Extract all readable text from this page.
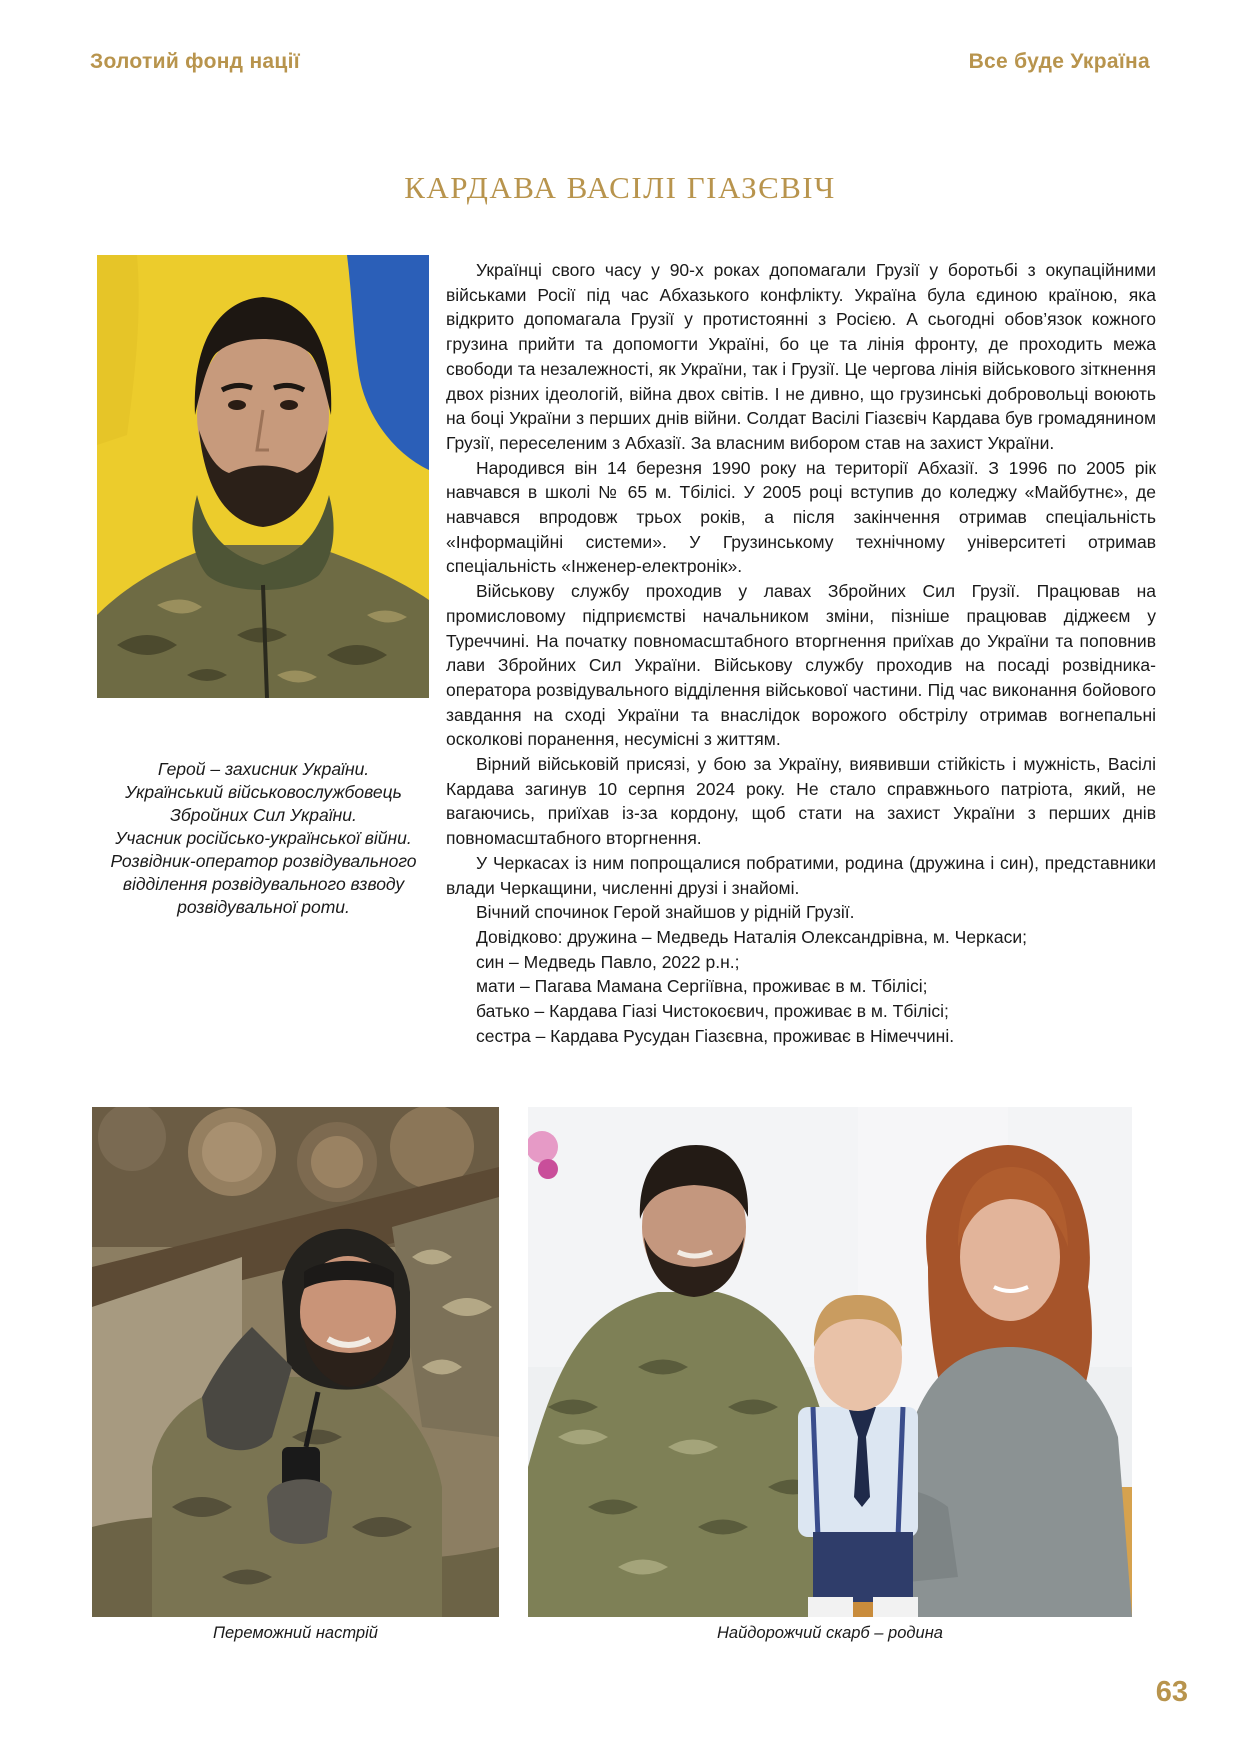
Золотий фонд нації	Все буде Україна
КАРДАВА ВАСІЛІ ГІАЗЄВІЧ
Герой – захисник України.
Український військовослужбовець
Збройних Сил України.
Учасник російсько-української війни.
Розвідник-оператор розвідувального
відділення розвідувального взводу
розвідувальної роти.

Українці свого часу у 90-х роках допомагали Грузії у боротьбі з окупаційними військами Росії під час Абхазького конфлікту. Україна була єдиною країною, яка відкрито допомагала Грузії у протистоянні з Росією. А сьогодні обов’язок кожного грузина прийти та допомогти Україні, бо це та лінія фронту, де проходить межа свободи та незалежності, як України, так і Грузії. Це чергова лінія військового зіткнення двох різних ідеологій, війна двох світів. І не дивно, що грузинські добровольці воюють на боці України з перших днів війни. Солдат Васілі Гіазєвіч Кардава був громадянином Грузії, переселеним з Абхазії. За власним вибором став на захист України.

Народився він 14 березня 1990 року на території Абхазії. З 1996 по 2005 рік навчався в школі № 65 м. Тбілісі. У 2005 році вступив до коледжу «Майбутнє», де навчався впродовж трьох років, а після закінчення отримав спеціальність «Інформаційні системи». У Грузинському технічному університеті отримав спеціальність «Інженер-електронік».

Військову службу проходив у лавах Збройних Сил Грузії. Працював на промисловому підприємстві начальником зміни, пізніше працював діджеєм у Туреччині. На початку повномасштабного вторгнення приїхав до України та поповнив лави Збройних Сил України. Військову службу проходив на посаді розвідника-оператора розвідувального відділення військової частини. Під час виконання бойового завдання на сході України та внаслідок ворожого обстрілу отримав вогнепальні осколкові поранення, несумісні з життям.

Вірний військовій присязі, у бою за Україну, виявивши стійкість і мужність, Васілі Кардава загинув 10 серпня 2024 року. Не стало справжнього патріота, який, не вагаючись, приїхав із-за кордону, щоб стати на захист України з перших днів повномасштабного вторгнення.

У Черкасах із ним попрощалися побратими, родина (дружина і син), представники влади Черкащини, численні друзі і знайомі.

Вічний спочинок Герой знайшов у рідній Грузії.
Довідково: дружина – Медведь Наталія Олександрівна, м. Черкаси;
син – Медведь Павло, 2022 р.н.;
мати – Пагава Мамана Сергіївна, проживає в м. Тбілісі;
батько – Кардава Гіазі Чистокоєвич, проживає в м. Тбілісі;
сестра – Кардава Русудан Гіазєвна, проживає в Німеччині.
Переможний настрій	Найдорожчий скарб – родина
63
